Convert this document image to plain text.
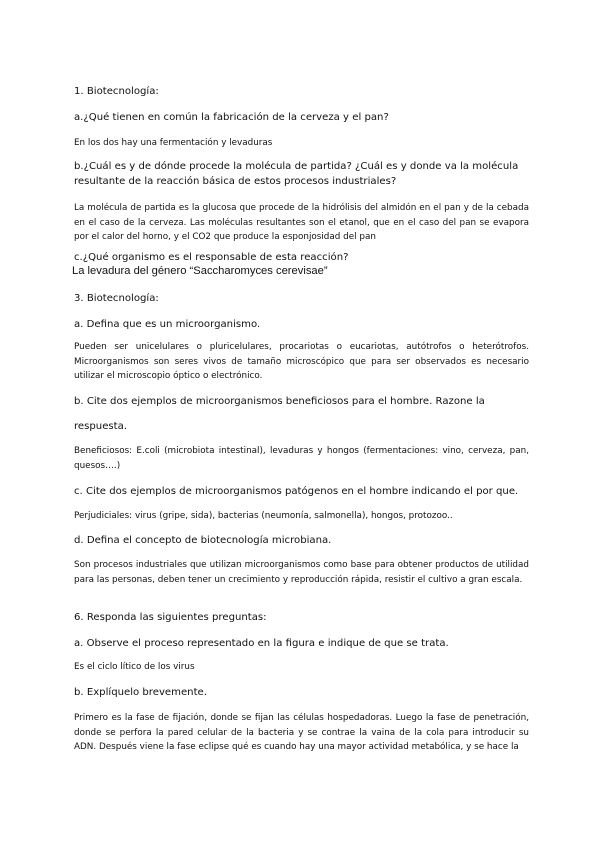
1. Biotecnología:

a.¿Qué tienen en común la fabricación de la cerveza y el pan?

En los dos hay una fermentación y levaduras

b.¿Cuál es y de dónde procede la molécula de partida? ¿Cuál es y donde va la molécula resultante de la reacción básica de estos procesos industriales?

La molécula de partida es la glucosa que procede de la hidrólisis del almidón en el pan y de la cebada en el caso de la cerveza. Las moléculas resultantes son el etanol, que en el caso del pan se evapora por el calor del horno, y el CO2 que produce la esponjosidad del pan

c.¿Qué organismo es el responsable de esta reacción?

La levadura del género “Saccharomyces cerevisae”

3. Biotecnología:

a. Defina que es un microorganismo.

Pueden ser unicelulares o pluricelulares, procariotas o eucariotas, autótrofos o heterótrofos. Microorganismos son seres vivos de tamaño microscópico que para ser observados es necesario utilizar el microscopio óptico o electrónico.

b. Cite dos ejemplos de microorganismos beneficiosos para el hombre. Razone la

respuesta.

Beneficiosos: E.coli (microbiota intestinal), levaduras y hongos (fermentaciones: vino, cerveza, pan, quesos….)

c. Cite dos ejemplos de microorganismos patógenos en el hombre indicando el por que.

Perjudiciales: virus (gripe, sida), bacterias (neumonía, salmonella), hongos, protozoo..

d. Defina el concepto de biotecnología microbiana.

Son procesos industriales que utilizan microorganismos como base para obtener productos de utilidad para las personas, deben tener un crecimiento y reproducción rápida, resistir el cultivo a gran escala.

6. Responda las siguientes preguntas:

a. Observe el proceso representado en la figura e indique de que se trata.

Es el ciclo lítico de los virus

b. Explíquelo brevemente.

Primero es la fase de fijación, donde se fijan las células hospedadoras. Luego la fase de penetración, donde se perfora la pared celular de la bacteria y se contrae la vaina de la cola para introducir su ADN. Después viene la fase eclipse qué es cuando hay una mayor actividad metabólica, y se hace la
